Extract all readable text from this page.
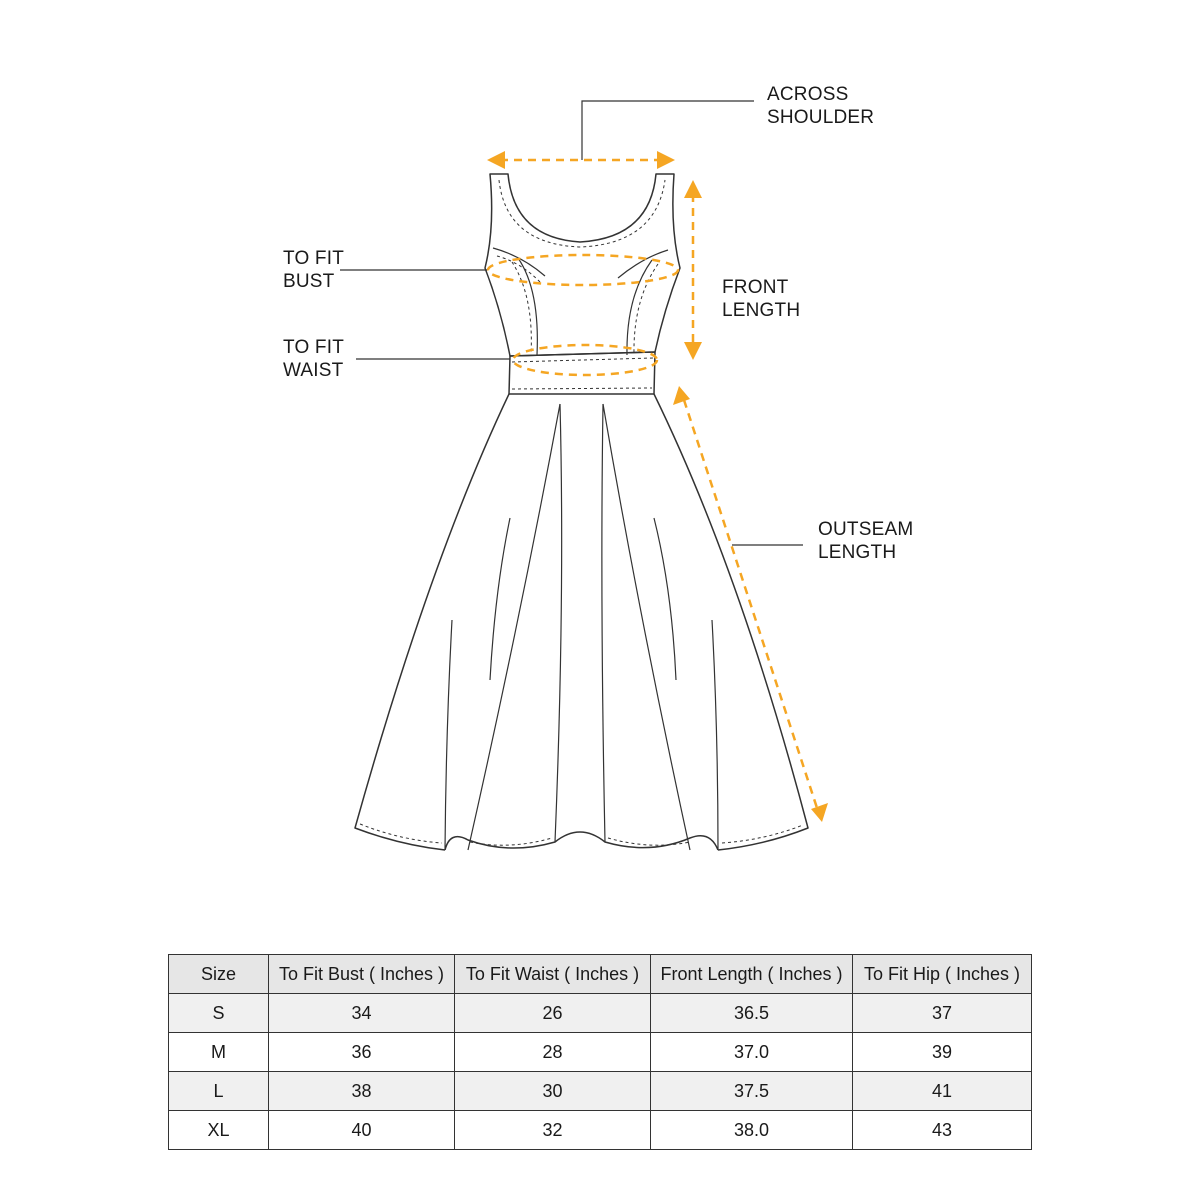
ACROSS
SHOULDER
TO FIT
BUST
TO FIT
WAIST
FRONT
LENGTH
OUTSEAM
LENGTH
Size	To Fit Bust ( Inches )	To Fit Waist ( Inches )	Front Length ( Inches )	To Fit Hip ( Inches )
S	34	26	36.5	37
M	36	28	37.0	39
L	38	30	37.5	41
XL	40	32	38.0	43
